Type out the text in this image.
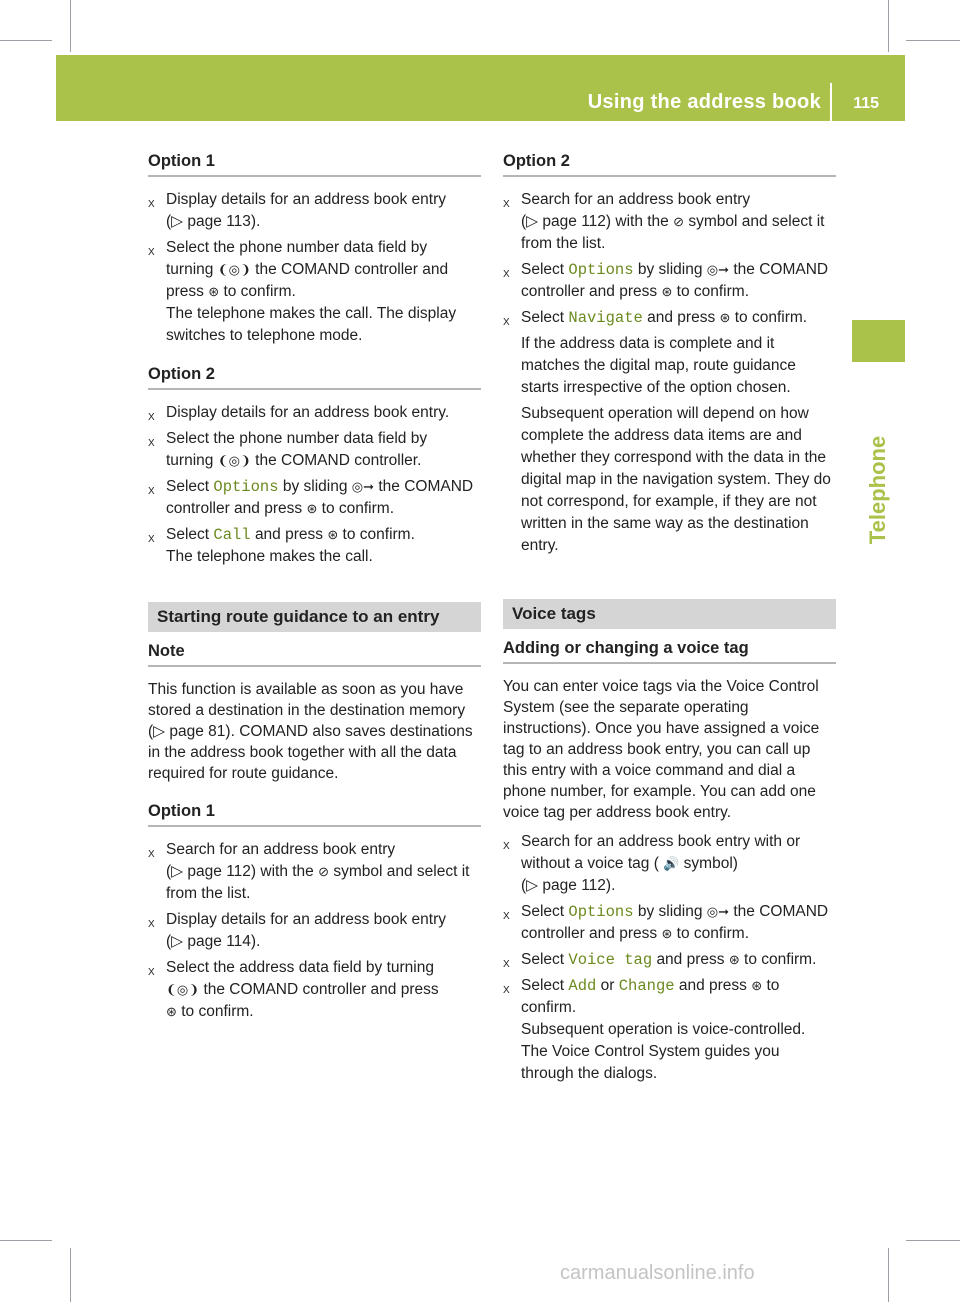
Using the address book 115
Telephone
Option 1
X Display details for an address book entry
(▷ page 113).
X Select the phone number data field by
turning ❨◎❩ the COMAND controller and
press ⊛ to confirm.
The telephone makes the call. The display switches to telephone mode.
Option 2
X Display details for an address book entry.
X Select the phone number data field by
turning ❨◎❩ the COMAND controller.
X Select Options by sliding ◎➞ the COMAND controller and press ⊛ to confirm.
X Select Call and press ⊛ to confirm.
The telephone makes the call.
Starting route guidance to an entry
Note

This function is available as soon as you have stored a destination in the destination memory (▷ page 81). COMAND also saves destinations in the address book together with all the data required for route guidance.

Option 1
X Search for an address book entry
(▷ page 112) with the ⊘ symbol and select it from the list.
X Display details for an address book entry
(▷ page 114).
X Select the address data field by turning
❨◎❩ the COMAND controller and press
⊛ to confirm.
Option 2
X Search for an address book entry
(▷ page 112) with the ⊘ symbol and select it from the list.
X Select Options by sliding ◎➞ the COMAND controller and press ⊛ to confirm.
X Select Navigate and press ⊛ to confirm.
If the address data is complete and it matches the digital map, route guidance starts irrespective of the option chosen.
Subsequent operation will depend on how complete the address data items are and whether they correspond with the data in the digital map in the navigation system. They do not correspond, for example, if they are not written in the same way as the destination entry.
Voice tags
Adding or changing a voice tag

You can enter voice tags via the Voice Control System (see the separate operating instructions). Once you have assigned a voice tag to an address book entry, you can call up this entry with a voice command and dial a phone number, for example. You can add one voice tag per address book entry.

X Search for an address book entry with or without a voice tag ( 🔊 symbol)
(▷ page 112).
X Select Options by sliding ◎➞ the COMAND controller and press ⊛ to confirm.
X Select Voice tag and press ⊛ to confirm.
X Select Add or Change and press ⊛ to
confirm.
Subsequent operation is voice-controlled. The Voice Control System guides you through the dialogs.
carmanualsonline.info
